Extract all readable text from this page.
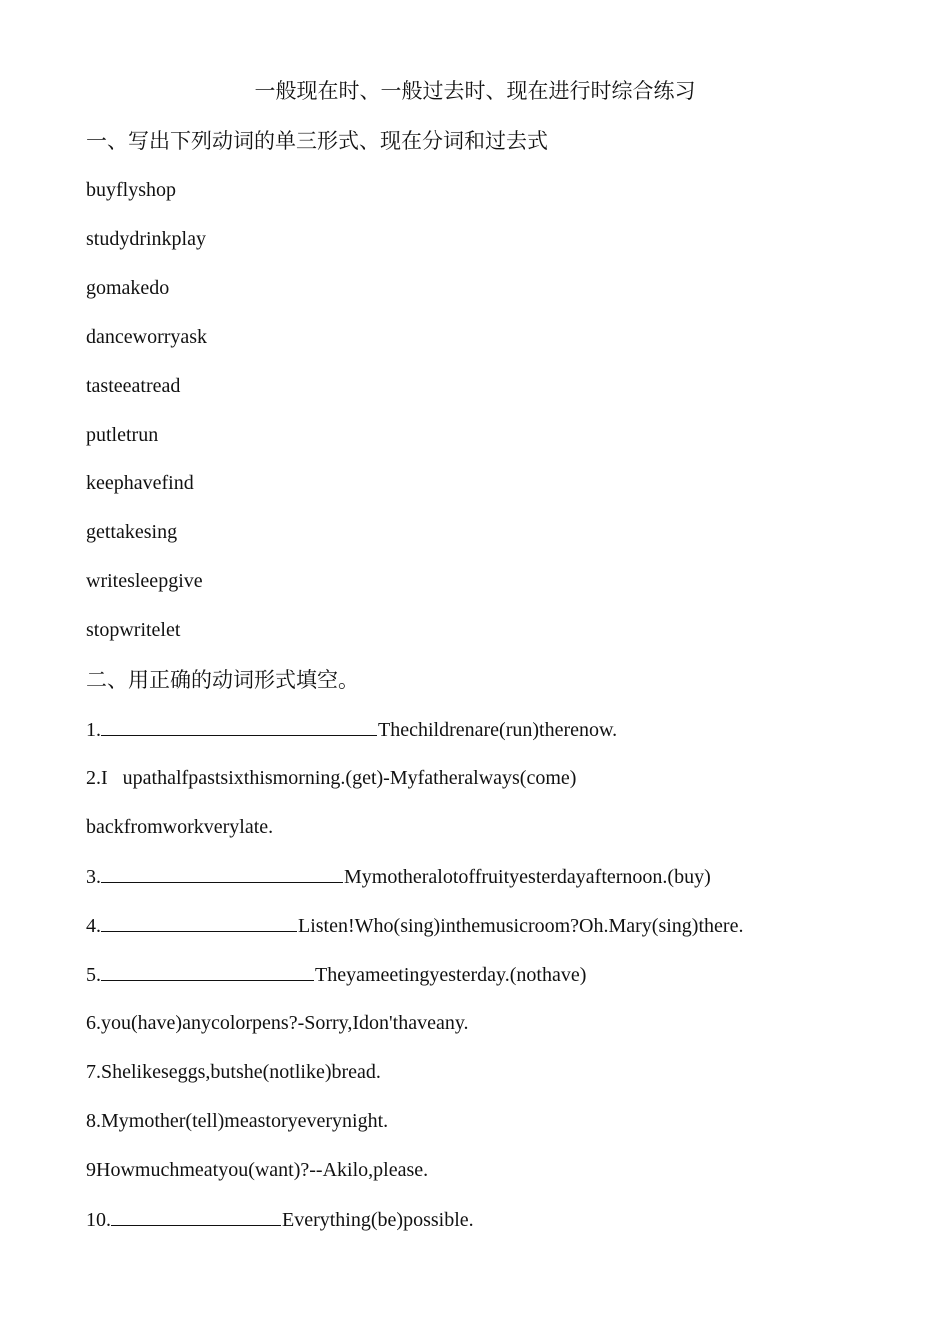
一般现在时、一般过去时、现在进行时综合练习
一、写出下列动词的单三形式、现在分词和过去式
buyflyshop
studydrinkplay
gomakedo
danceworryask
tasteeatread
putletrun
keephavefind
gettakesing
writesleepgive
stopwritelet
二、用正确的动词形式填空。
1.	Thechildrenare(run)therenow.
2.I   upathalfpastsixthismorning.(get)-Myfatheralways(come)
backfromworkverylate.
3.	Mymotheralotoffruityesterdayafternoon.(buy)
4.	Listen!Who(sing)inthemusicroom?Oh.Mary(sing)there.
5.	Theyameetingyesterday.(nothave)
6.you(have)anycolorpens?-Sorry,Idon'thaveany.
7.Shelikeseggs,butshe(notlike)bread.
8.Mymother(tell)meastoryeverynight.
9Howmuchmeatyou(want)?--Akilo,please.
10.	Everything(be)possible.
